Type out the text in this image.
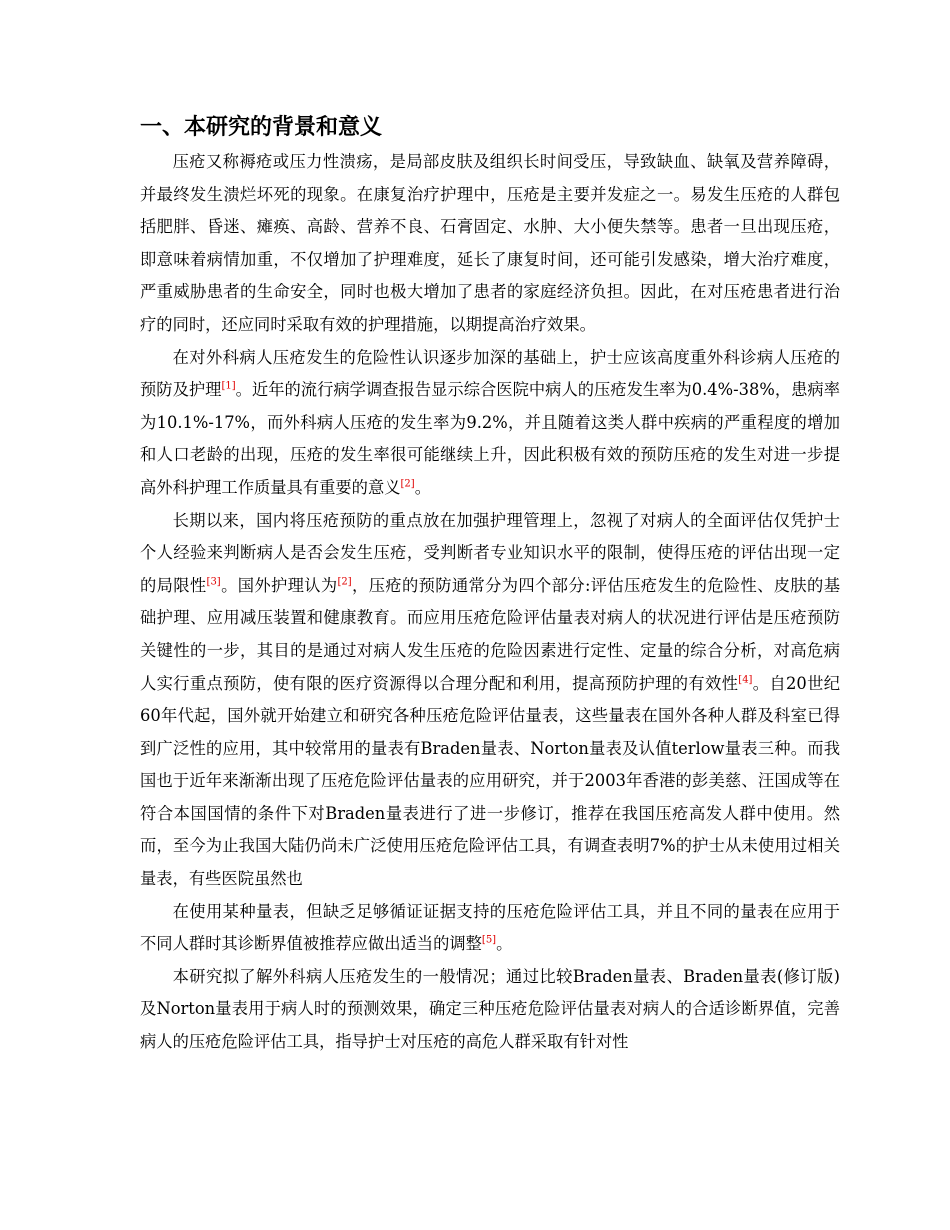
一、本研究的背景和意义

压疮又称褥疮或压力性溃疡，是局部皮肤及组织长时间受压，导致缺血、缺氧及营养障碍，并最终发生溃烂坏死的现象。在康复治疗护理中，压疮是主要并发症之一。易发生压疮的人群包括肥胖、昏迷、瘫痪、高龄、营养不良、石膏固定、水肿、大小便失禁等。患者一旦出现压疮，即意味着病情加重，不仅增加了护理难度，延长了康复时间，还可能引发感染，增大治疗难度，严重威胁患者的生命安全，同时也极大增加了患者的家庭经济负担。因此，在对压疮患者进行治疗的同时，还应同时采取有效的护理措施，以期提高治疗效果。

在对外科病人压疮发生的危险性认识逐步加深的基础上，护士应该高度重外科诊病人压疮的预防及护理[1]。近年的流行病学调查报告显示综合医院中病人的压疮发生率为0.4%-38%，患病率为10.1%-17%，而外科病人压疮的发生率为9.2%，并且随着这类人群中疾病的严重程度的增加和人口老龄的出现，压疮的发生率很可能继续上升，因此积极有效的预防压疮的发生对进一步提高外科护理工作质量具有重要的意义[2]。

长期以来，国内将压疮预防的重点放在加强护理管理上，忽视了对病人的全面评估仅凭护士个人经验来判断病人是否会发生压疮，受判断者专业知识水平的限制，使得压疮的评估出现一定的局限性[3]。国外护理认为[2]，压疮的预防通常分为四个部分:评估压疮发生的危险性、皮肤的基础护理、应用减压装置和健康教育。而应用压疮危险评估量表对病人的状况进行评估是压疮预防关键性的一步，其目的是通过对病人发生压疮的危险因素进行定性、定量的综合分析，对高危病人实行重点预防，使有限的医疗资源得以合理分配和利用，提高预防护理的有效性[4]。自20世纪60年代起，国外就开始建立和研究各种压疮危险评估量表，这些量表在国外各种人群及科室已得到广泛性的应用，其中较常用的量表有Braden量表、Norton量表及认值terlow量表三种。而我国也于近年来渐渐出现了压疮危险评估量表的应用研究，并于2003年香港的彭美慈、汪国成等在符合本国国情的条件下对Braden量表进行了进一步修订，推荐在我国压疮高发人群中使用。然而，至今为止我国大陆仍尚未广泛使用压疮危险评估工具，有调查表明7%的护士从未使用过相关量表，有些医院虽然也

在使用某种量表，但缺乏足够循证证据支持的压疮危险评估工具，并且不同的量表在应用于不同人群时其诊断界值被推荐应做出适当的调整[5]。

本研究拟了解外科病人压疮发生的一般情况；通过比较Braden量表、Braden量表(修订版)及Norton量表用于病人时的预测效果，确定三种压疮危险评估量表对病人的合适诊断界值，完善病人的压疮危险评估工具，指导护士对压疮的高危人群采取有针对性
